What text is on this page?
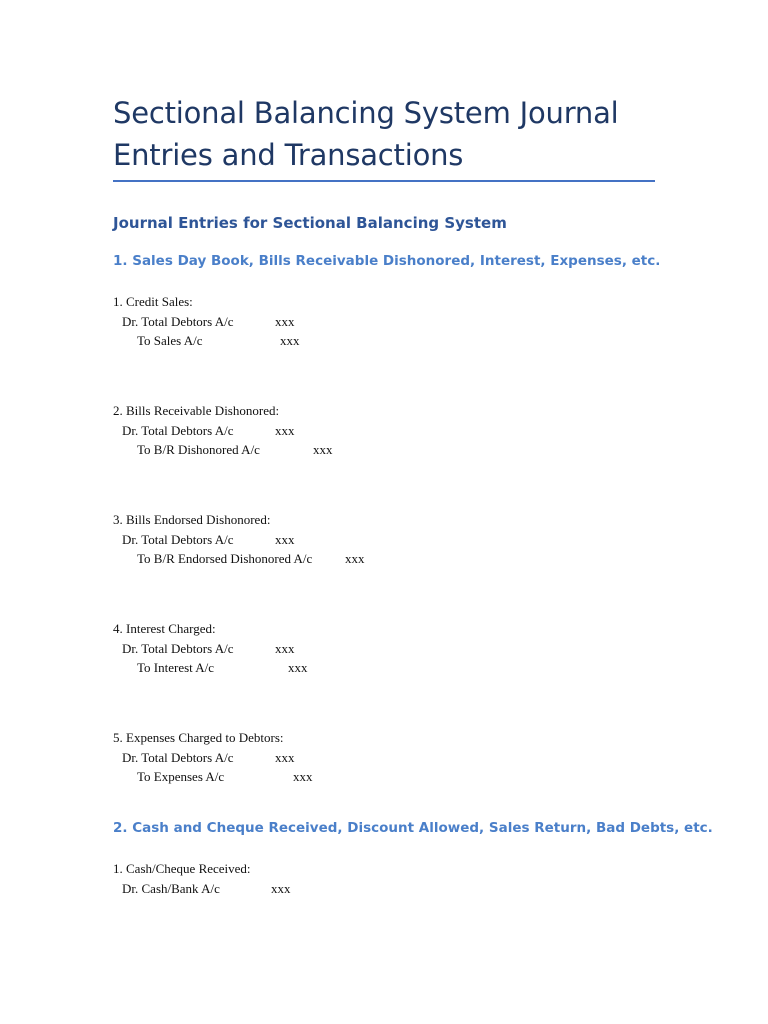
Sectional Balancing System Journal Entries and Transactions
Journal Entries for Sectional Balancing System
1. Sales Day Book, Bills Receivable Dishonored, Interest, Expenses, etc.
1. Credit Sales:
Dr. Total Debtors A/c	xxx
To Sales A/c	xxx
2. Bills Receivable Dishonored:
Dr. Total Debtors A/c	xxx
To B/R Dishonored A/c	xxx
3. Bills Endorsed Dishonored:
Dr. Total Debtors A/c	xxx
To B/R Endorsed Dishonored A/c	xxx
4. Interest Charged:
Dr. Total Debtors A/c	xxx
To Interest A/c	xxx
5. Expenses Charged to Debtors:
Dr. Total Debtors A/c	xxx
To Expenses A/c	xxx
2. Cash and Cheque Received, Discount Allowed, Sales Return, Bad Debts, etc.
1. Cash/Cheque Received:
Dr. Cash/Bank A/c	xxx
